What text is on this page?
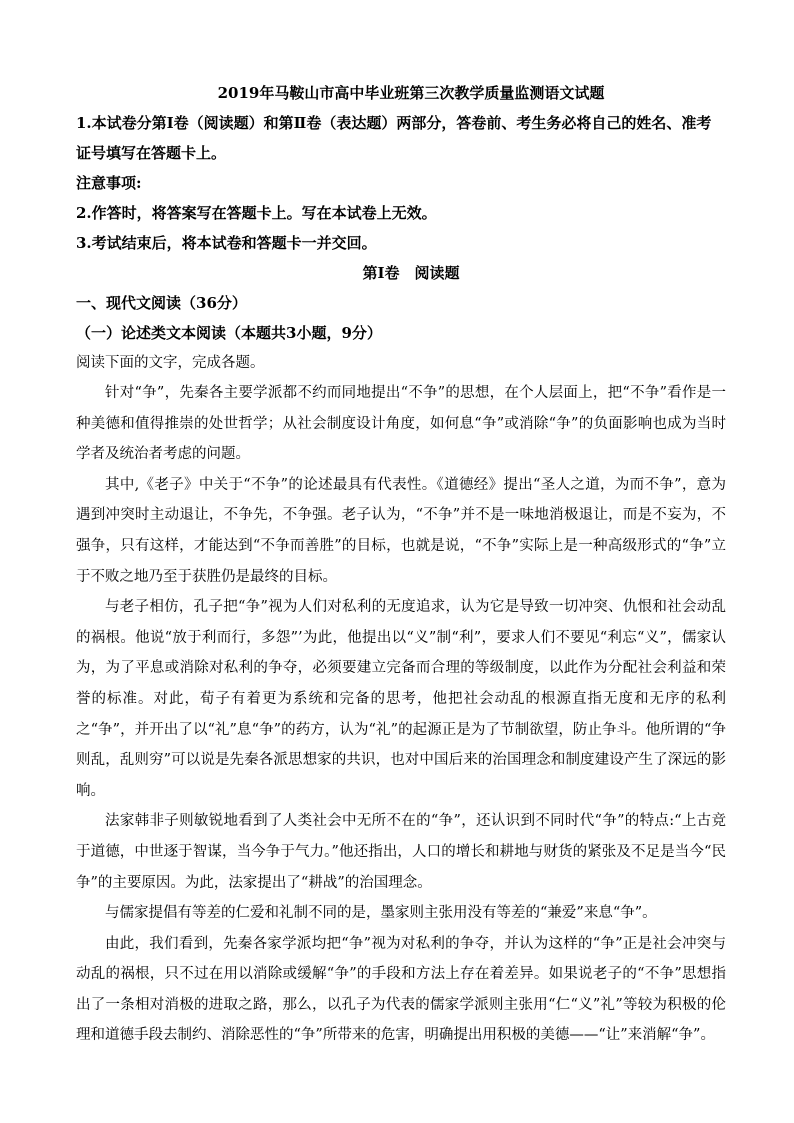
2019年马鞍山市高中毕业班第三次教学质量监测语文试题

1.本试卷分第Ⅰ卷（阅读题）和第Ⅱ卷（表达题）两部分，答卷前、考生务必将自己的姓名、准考证号填写在答题卡上。

注意事项:

2.作答时，将答案写在答题卡上。写在本试卷上无效。

3.考试结束后，将本试卷和答题卡一并交回。

第Ⅰ卷　阅读题

一、现代文阅读（36分）

（一）论述类文本阅读（本题共3小题，9分）

阅读下面的文字，完成各题。

针对“争”，先秦各主要学派都不约而同地提出“不争”的思想，在个人层面上，把“不争”看作是一种美德和值得推崇的处世哲学；从社会制度设计角度，如何息“争”或消除“争”的负面影响也成为当时学者及统治者考虑的问题。

其中,《老子》中关于“不争”的论述最具有代表性。《道德经》提出“圣人之道，为而不争”，意为遇到冲突时主动退让，不争先，不争强。老子认为，“不争”并不是一味地消极退让，而是不妄为，不强争，只有这样，才能达到“不争而善胜”的目标，也就是说，“不争”实际上是一种高级形式的“争”立于不败之地乃至于获胜仍是最终的目标。

与老子相仿，孔子把“争”视为人们对私利的无度追求，认为它是导致一切冲突、仇恨和社会动乱的祸根。他说“放于利而行，多怨”’为此，他提出以“义”制“利”，要求人们不要见“利忘“义”，儒家认为，为了平息或消除对私利的争夺，必须要建立完备而合理的等级制度，以此作为分配社会利益和荣誉的标准。对此，荀子有着更为系统和完备的思考，他把社会动乱的根源直指无度和无序的私利之“争”，并开出了以“礼”息“争”的药方，认为“礼”的起源正是为了节制欲望，防止争斗。他所谓的“争则乱，乱则穷”可以说是先秦各派思想家的共识，也对中国后来的治国理念和制度建设产生了深远的影响。

法家韩非子则敏锐地看到了人类社会中无所不在的“争”，还认识到不同时代“争”的特点:“上古竞于道德，中世逐于智谋，当今争于气力。”他还指出，人口的增长和耕地与财货的紧张及不足是当今“民争”的主要原因。为此，法家提出了“耕战”的治国理念。

与儒家提倡有等差的仁爱和礼制不同的是，墨家则主张用没有等差的“兼爱”来息“争”。

由此，我们看到，先秦各家学派均把“争”视为对私利的争夺，并认为这样的“争”正是社会冲突与动乱的祸根，只不过在用以消除或缓解“争”的手段和方法上存在着差异。如果说老子的“不争”思想指出了一条相对消极的进取之路，那么，以孔子为代表的儒家学派则主张用“仁“义”礼”等较为积极的伦理和道德手段去制约、消除恶性的“争”所带来的危害，明确提出用积极的美德——“让”来消解“争”。
